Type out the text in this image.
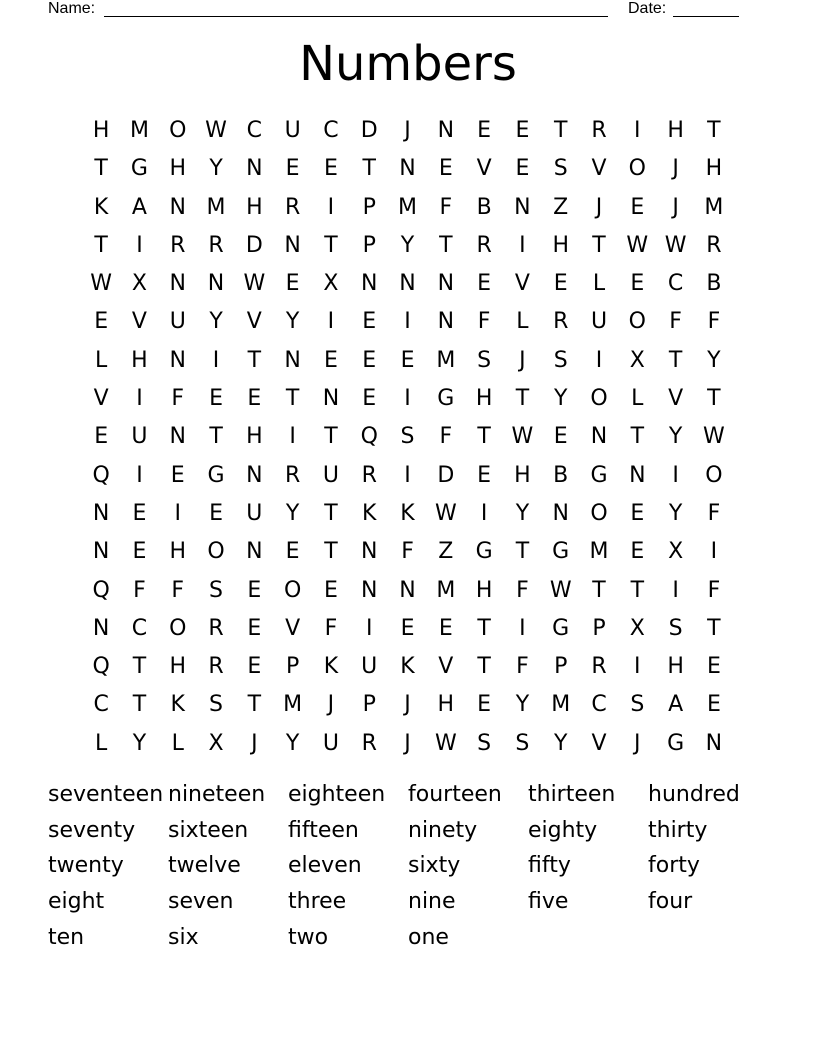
Name:	Date:
Numbers
H M O W C	U	C	D	J	N	E	E	T	R	I	H	T
T	G H	Y	N	E	E	T	N	E	V	E	S	V	O	J	H
K	A	N M H	R	I	P	M	F	B	N	Z	J	E	J	M
T	I	R	R	D N	T	P	Y	T	R	I	H	T W W R
W X	N N W E	X	N N N	E	V	E	L	E	C	B
E	V	U	Y	V	Y	I	E	I	N	F	L	R	U O	F	F
L	H N	I	T	N	E	E	E M S	J	S	I	X	T	Y
V	I	F	E	E	T	N	E	I	G H	T	Y	O	L	V	T
E	U	N	T	H	I	T	Q	S	F	T W E	N	T	Y W
Q	I	E	G N	R	U	R	I	D	E	H	B	G N	I	O
N	E	I	E	U	Y	T	K	K W	I	Y	N O	E	Y	F
N	E	H O N	E	T	N	F	Z	G	T	G M E	X	I
Q	F	F	S	E	O	E	N N M H	F W T	T	I	F
N	C O R	E	V	F	I	E	E	T	I	G	P	X	S	T
Q	T	H	R	E	P	K	U	K	V	T	F	P	R	I	H	E
C	T	K	S	T	M	J	P	J	H	E	Y	M C	S	A	E
L	Y	L	X	J	Y	U	R	J	W S	S	Y	V	J	G N
seventeen nineteen	eighteen	fourteen	thirteen	hundred
seventy	sixteen	fifteen	ninety	eighty	thirty
twenty	twelve	eleven	sixty	fifty	forty
eight	seven	three	nine	five	four
ten	six	two	one
